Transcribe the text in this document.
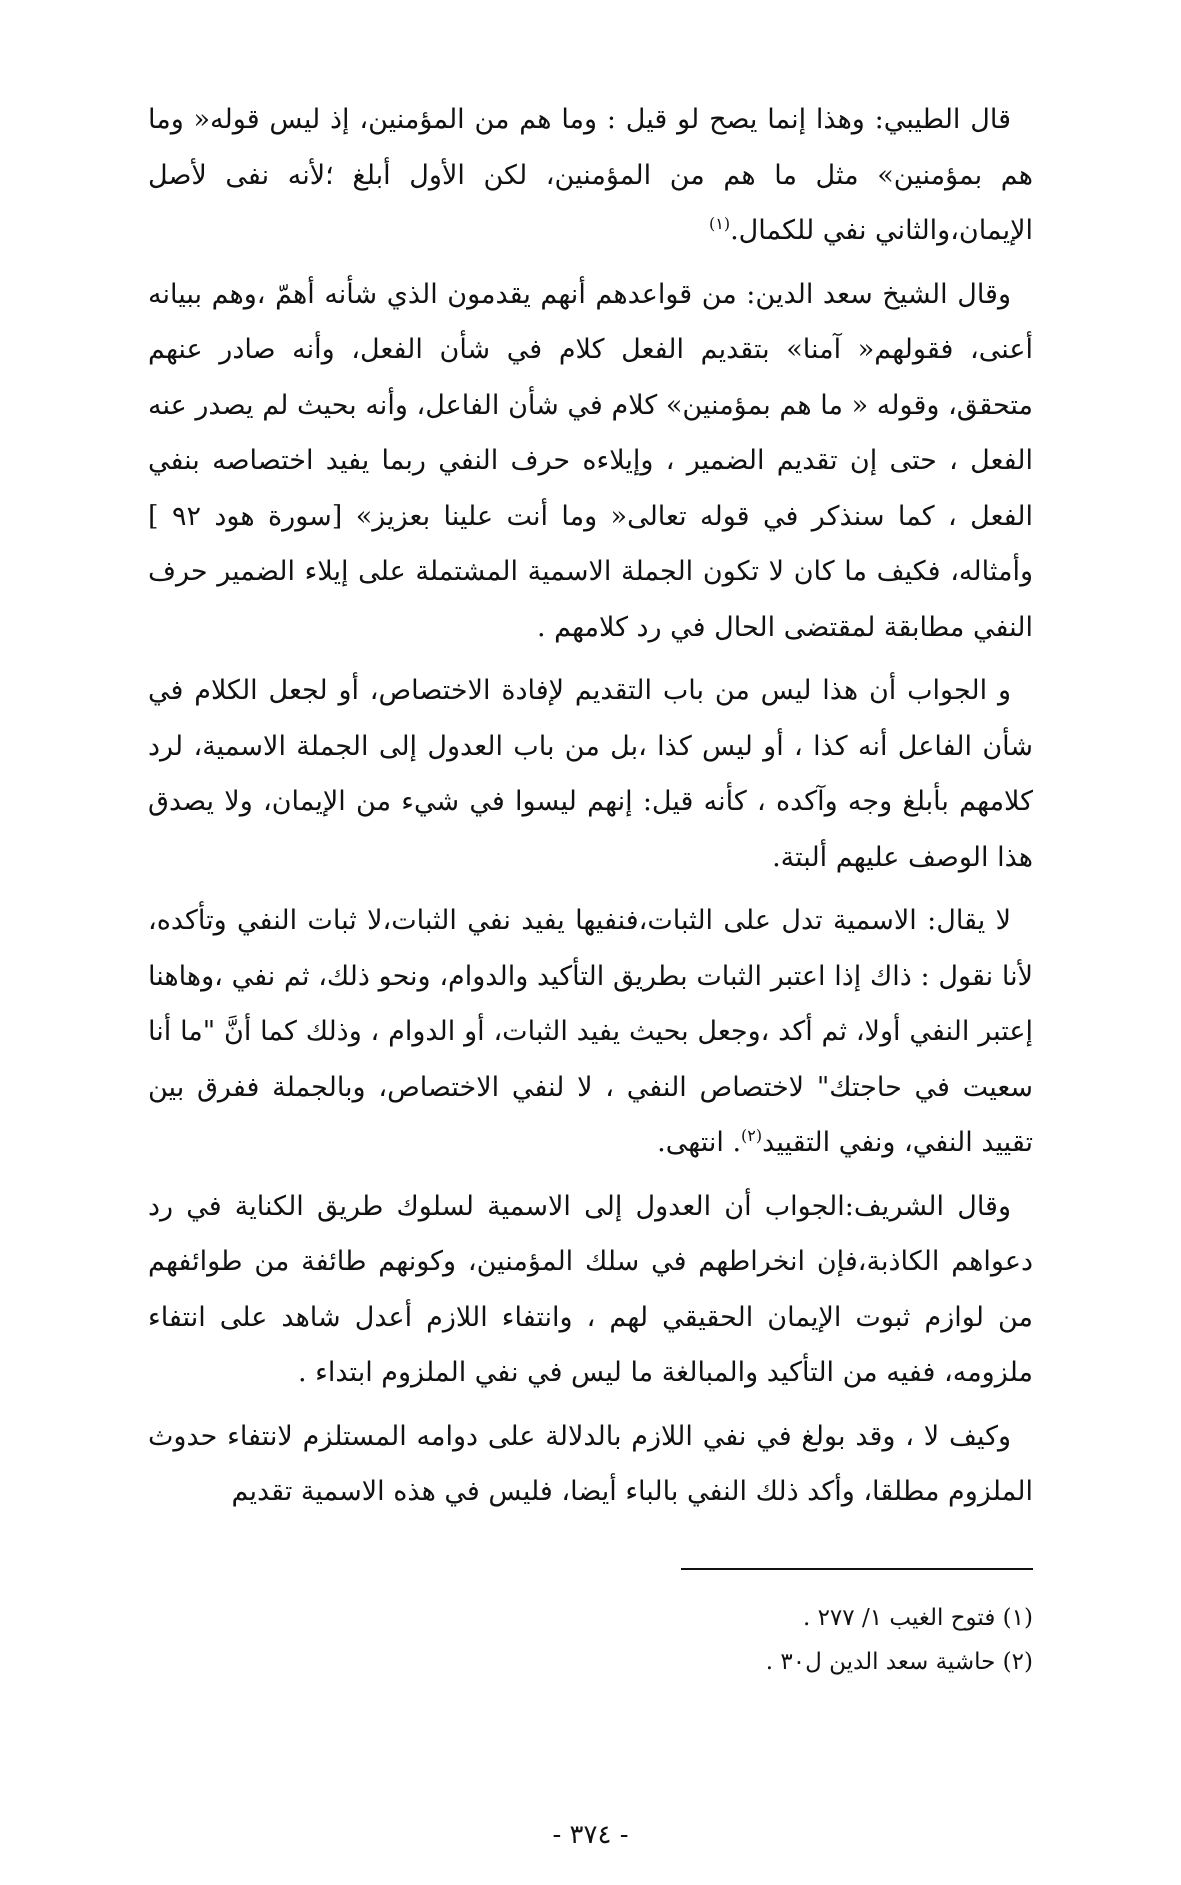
قال الطيبي: وهذا إنما يصح لو قيل : وما هم من المؤمنين، إذ ليس قوله« وما هم بمؤمنين» مثل ما هم من المؤمنين، لكن الأول أبلغ ؛لأنه نفى لأصل الإيمان،والثاني نفي للكمال.$^{(١)}$

وقال الشيخ سعد الدين: من قواعدهم أنهم يقدمون الذي شأنه أهمّ ،وهم ببيانه أعنى، فقولهم« آمنا» بتقديم الفعل كلام في شأن الفعل، وأنه صادر عنهم متحقق، وقوله « ما هم بمؤمنين» كلام في شأن الفاعل، وأنه بحيث لم يصدر عنه الفعل ، حتى إن تقديم الضمير ، وإيلاءه حرف النفي ربما يفيد اختصاصه بنفي الفعل ، كما سنذكر في قوله تعالى« وما أنت علينا بعزيز» [سورة هود ٩٢ ] وأمثاله، فكيف ما كان لا تكون الجملة الاسمية المشتملة على إيلاء الضمير حرف النفي مطابقة لمقتضى الحال في رد كلامهم .

و الجواب أن هذا ليس من باب التقديم لإفادة الاختصاص، أو لجعل الكلام في شأن الفاعل أنه كذا ، أو ليس كذا ،بل من باب العدول إلى الجملة الاسمية، لرد كلامهم بأبلغ وجه وآكده ، كأنه قيل: إنهم ليسوا في شيء من الإيمان، ولا يصدق هذا الوصف عليهم ألبتة.

لا يقال: الاسمية تدل على الثبات،فنفيها يفيد نفي الثبات،لا ثبات النفي وتأكده، لأنا نقول : ذاك إذا اعتبر الثبات بطريق التأكيد والدوام، ونحو ذلك، ثم نفي ،وهاهنا إعتبر النفي أولا، ثم أكد ،وجعل بحيث يفيد الثبات، أو الدوام ، وذلك كما أنَّ "ما أنا سعيت في حاجتك" لاختصاص النفي ، لا لنفي الاختصاص، وبالجملة ففرق بين تقييد النفي، ونفي التقييد$^{(٢)}$. انتهى.

وقال الشريف:الجواب أن العدول إلى الاسمية لسلوك طريق الكناية في رد دعواهم الكاذبة،فإن انخراطهم في سلك المؤمنين، وكونهم طائفة من طوائفهم من لوازم ثبوت الإيمان الحقيقي لهم ، وانتفاء اللازم أعدل شاهد على انتفاء ملزومه، ففيه من التأكيد والمبالغة ما ليس في نفي الملزوم ابتداء .

وكيف لا ، وقد بولغ في نفي اللازم بالدلالة على دوامه المستلزم لانتفاء حدوث الملزوم مطلقا، وأكد ذلك النفي بالباء أيضا، فليس في هذه الاسمية تقديم

(١) فتوح الغيب ١/ ٢٧٧ .
(٢) حاشية سعد الدين ل٣٠ .
- ٣٧٤ -
